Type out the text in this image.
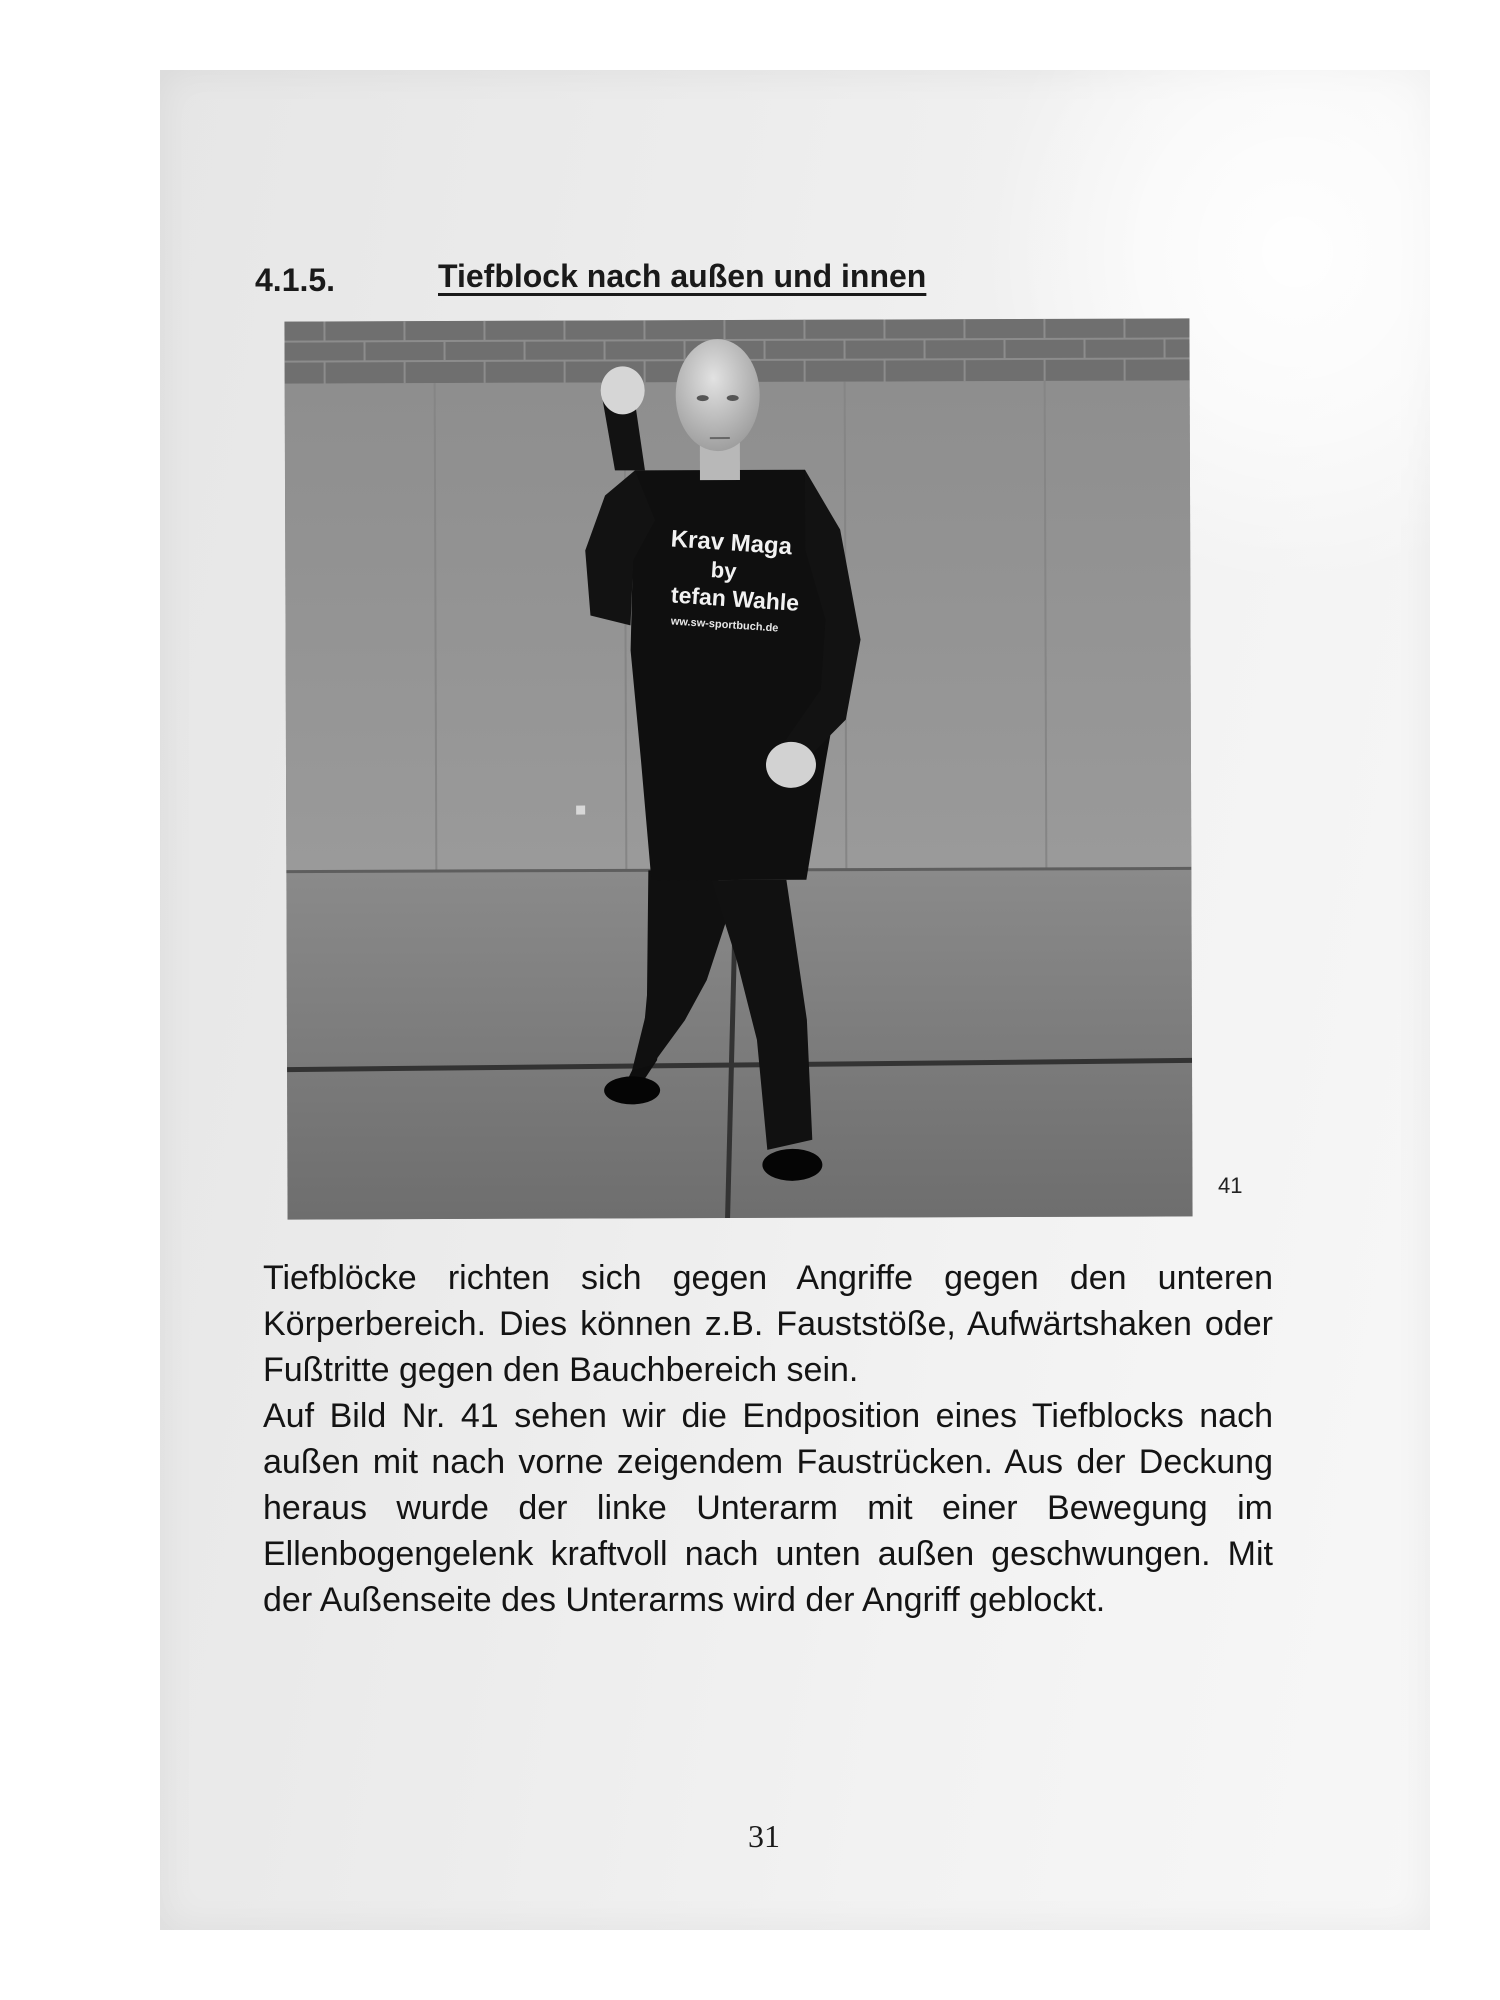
4.1.5.	Tiefblock nach außen und innen
Krav Maga
by
tefan Wahle
ww.sw-sportbuch.de
41

Tiefblöcke richten sich gegen Angriffe gegen den unteren Körperbereich. Dies können z.B. Fauststöße, Aufwärtshaken oder Fußtritte gegen den Bauchbereich sein.

Auf Bild Nr. 41 sehen wir die Endposition eines Tiefblocks nach außen mit nach vorne zeigendem Faustrücken. Aus der Deckung heraus wurde der linke Unterarm mit einer Bewegung im Ellenbogengelenk kraftvoll nach unten außen geschwungen. Mit der Außenseite des Unterarms wird der Angriff geblockt.

31
